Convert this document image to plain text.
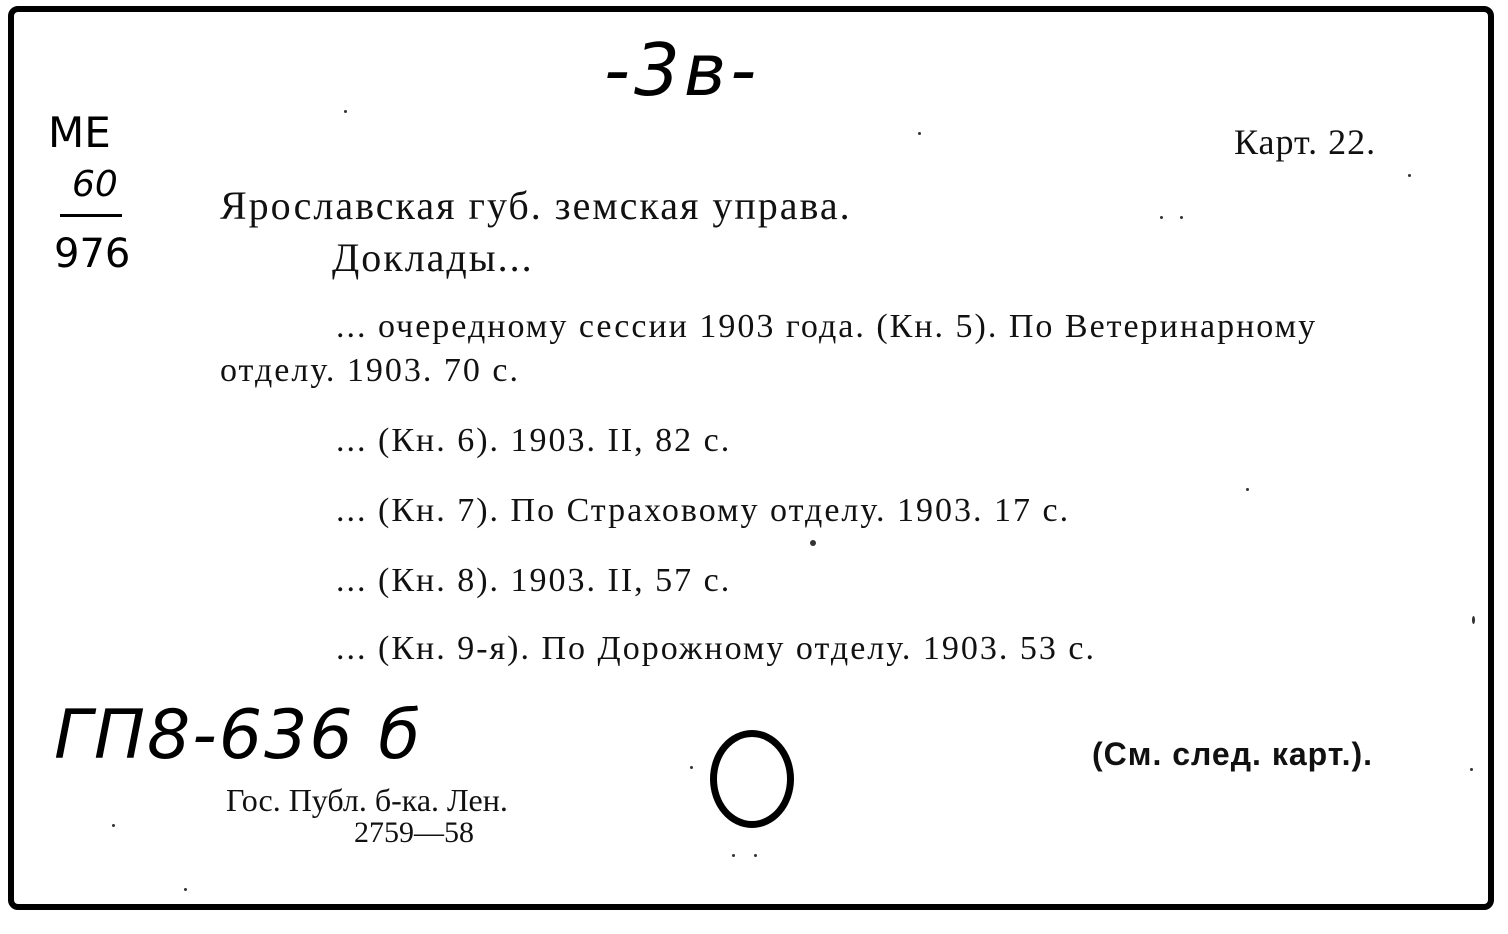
-3в-
МЕ
60
976
Карт. 22.
Ярославская губ. земская управа.
Доклады...
... очередному сессии 1903 года. (Кн. 5). По Ветеринарному
отделу. 1903. 70 с.
... (Кн. 6). 1903. II, 82 с.
... (Кн. 7). По Страховому отделу. 1903. 17 с.
... (Кн. 8). 1903. II, 57 с.
... (Кн. 9-я). По Дорожному отделу. 1903. 53 с.
ГП8-636 б	(См. след. карт.).
Гос. Публ. б-ка. Лен.
2759—58
